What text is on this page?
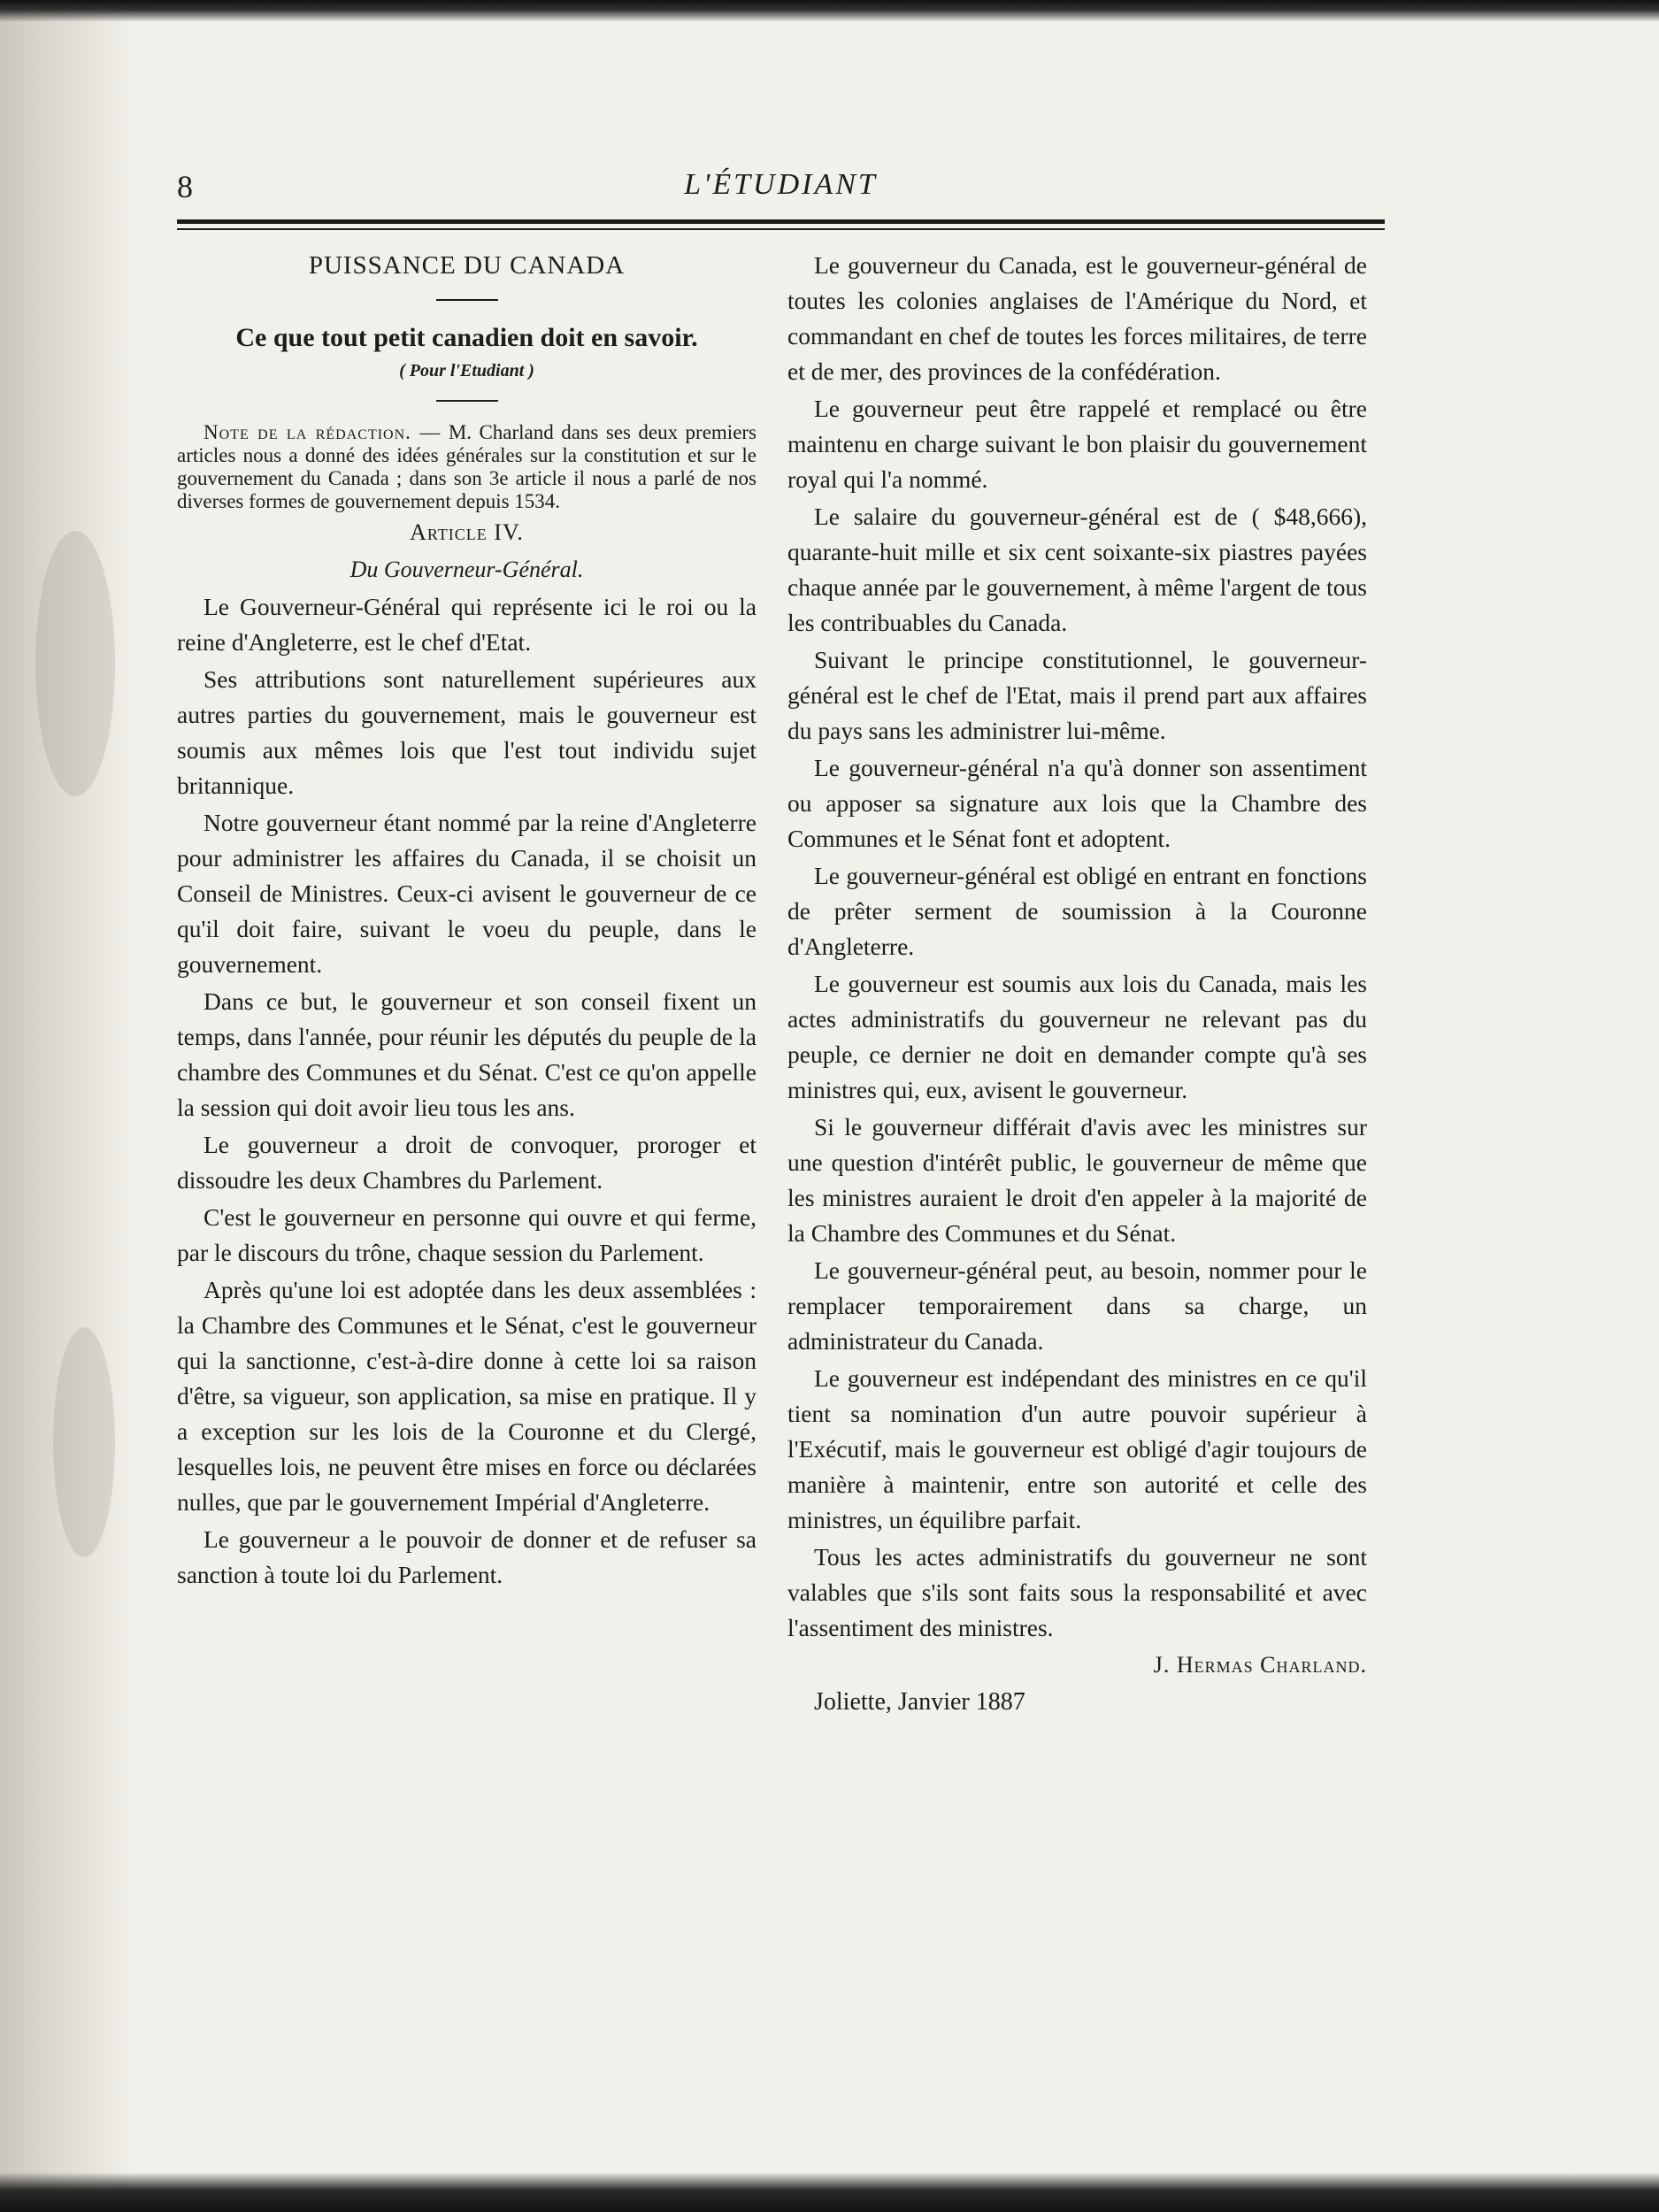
8	L'ÉTUDIANT

PUISSANCE DU CANADA

Ce que tout petit canadien doit en savoir.

( Pour l'Etudiant )

Note de la rédaction. — M. Charland dans ses deux premiers articles nous a donné des idées générales sur la constitution et sur le gouvernement du Canada ; dans son 3e article il nous a parlé de nos diverses formes de gouvernement depuis 1534.

Article IV.

Du Gouverneur-Général.

Le Gouverneur-Général qui représente ici le roi ou la reine d'Angleterre, est le chef d'Etat.

Ses attributions sont naturellement supérieures aux autres parties du gouvernement, mais le gouverneur est soumis aux mêmes lois que l'est tout individu sujet britannique.

Notre gouverneur étant nommé par la reine d'Angleterre pour administrer les affaires du Canada, il se choisit un Conseil de Ministres. Ceux-ci avisent le gouverneur de ce qu'il doit faire, suivant le voeu du peuple, dans le gouvernement.

Dans ce but, le gouverneur et son conseil fixent un temps, dans l'année, pour réunir les députés du peuple de la chambre des Communes et du Sénat. C'est ce qu'on appelle la session qui doit avoir lieu tous les ans.

Le gouverneur a droit de convoquer, proroger et dissoudre les deux Chambres du Parlement.

C'est le gouverneur en personne qui ouvre et qui ferme, par le discours du trône, chaque session du Parlement.

Après qu'une loi est adoptée dans les deux assemblées : la Chambre des Communes et le Sénat, c'est le gouverneur qui la sanctionne, c'est-à-dire donne à cette loi sa raison d'être, sa vigueur, son application, sa mise en pratique. Il y a exception sur les lois de la Couronne et du Clergé, lesquelles lois, ne peuvent être mises en force ou déclarées nulles, que par le gouvernement Impérial d'Angleterre.

Le gouverneur a le pouvoir de donner et de refuser sa sanction à toute loi du Parlement.

Le gouverneur du Canada, est le gouverneur-général de toutes les colonies anglaises de l'Amérique du Nord, et commandant en chef de toutes les forces militaires, de terre et de mer, des provinces de la confédération.

Le gouverneur peut être rappelé et remplacé ou être maintenu en charge suivant le bon plaisir du gouvernement royal qui l'a nommé.

Le salaire du gouverneur-général est de ( $48,666), quarante-huit mille et six cent soixante-six piastres payées chaque année par le gouvernement, à même l'argent de tous les contribuables du Canada.

Suivant le principe constitutionnel, le gouverneur-général est le chef de l'Etat, mais il prend part aux affaires du pays sans les administrer lui-même.

Le gouverneur-général n'a qu'à donner son assentiment ou apposer sa signature aux lois que la Chambre des Communes et le Sénat font et adoptent.

Le gouverneur-général est obligé en entrant en fonctions de prêter serment de soumission à la Couronne d'Angleterre.

Le gouverneur est soumis aux lois du Canada, mais les actes administratifs du gouverneur ne relevant pas du peuple, ce dernier ne doit en demander compte qu'à ses ministres qui, eux, avisent le gouverneur.

Si le gouverneur différait d'avis avec les ministres sur une question d'intérêt public, le gouverneur de même que les ministres auraient le droit d'en appeler à la majorité de la Chambre des Communes et du Sénat.

Le gouverneur-général peut, au besoin, nommer pour le remplacer temporairement dans sa charge, un administrateur du Canada.

Le gouverneur est indépendant des ministres en ce qu'il tient sa nomination d'un autre pouvoir supérieur à l'Exécutif, mais le gouverneur est obligé d'agir toujours de manière à maintenir, entre son autorité et celle des ministres, un équilibre parfait.

Tous les actes administratifs du gouverneur ne sont valables que s'ils sont faits sous la responsabilité et avec l'assentiment des ministres.

J. Hermas Charland.

Joliette, Janvier 1887
